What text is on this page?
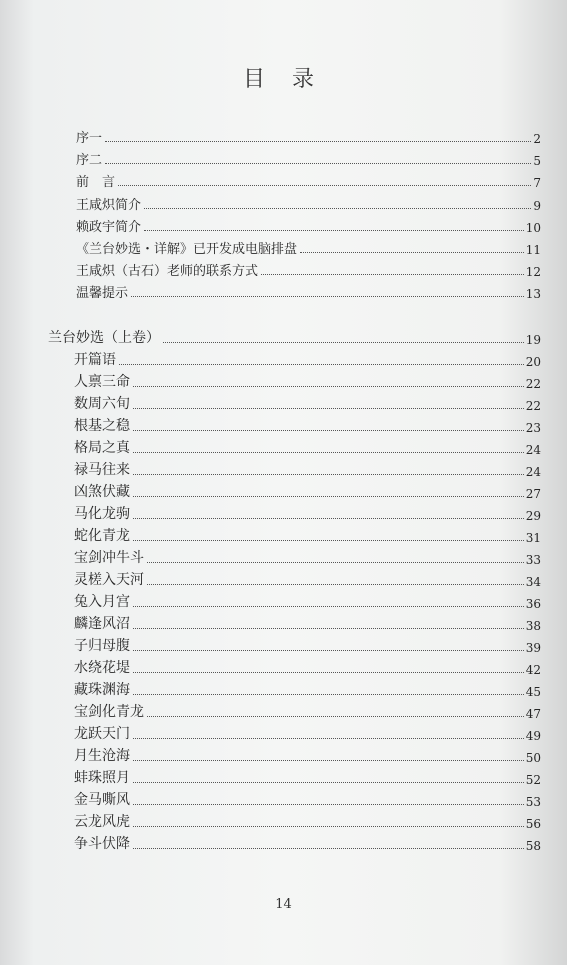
目 录
序一	2
序二	5
前　言	7
王咸炽简介	9
赖政宇简介	10
《兰台妙选・详解》已开发成电脑排盘	11
王咸炽（古石）老师的联系方式	12
温馨提示	13
兰台妙选（上卷）	19
开篇语	20
人禀三命	22
数周六旬	22
根基之稳	23
格局之真	24
禄马往来	24
凶煞伏藏	27
马化龙驹	29
蛇化青龙	31
宝剑冲牛斗	33
灵槎入天河	34
兔入月宫	36
麟逢风沼	38
子归母腹	39
水绕花堤	42
藏珠渊海	45
宝剑化青龙	47
龙跃天门	49
月生沧海	50
蚌珠照月	52
金马嘶风	53
云龙风虎	56
争斗伏降	58
14
